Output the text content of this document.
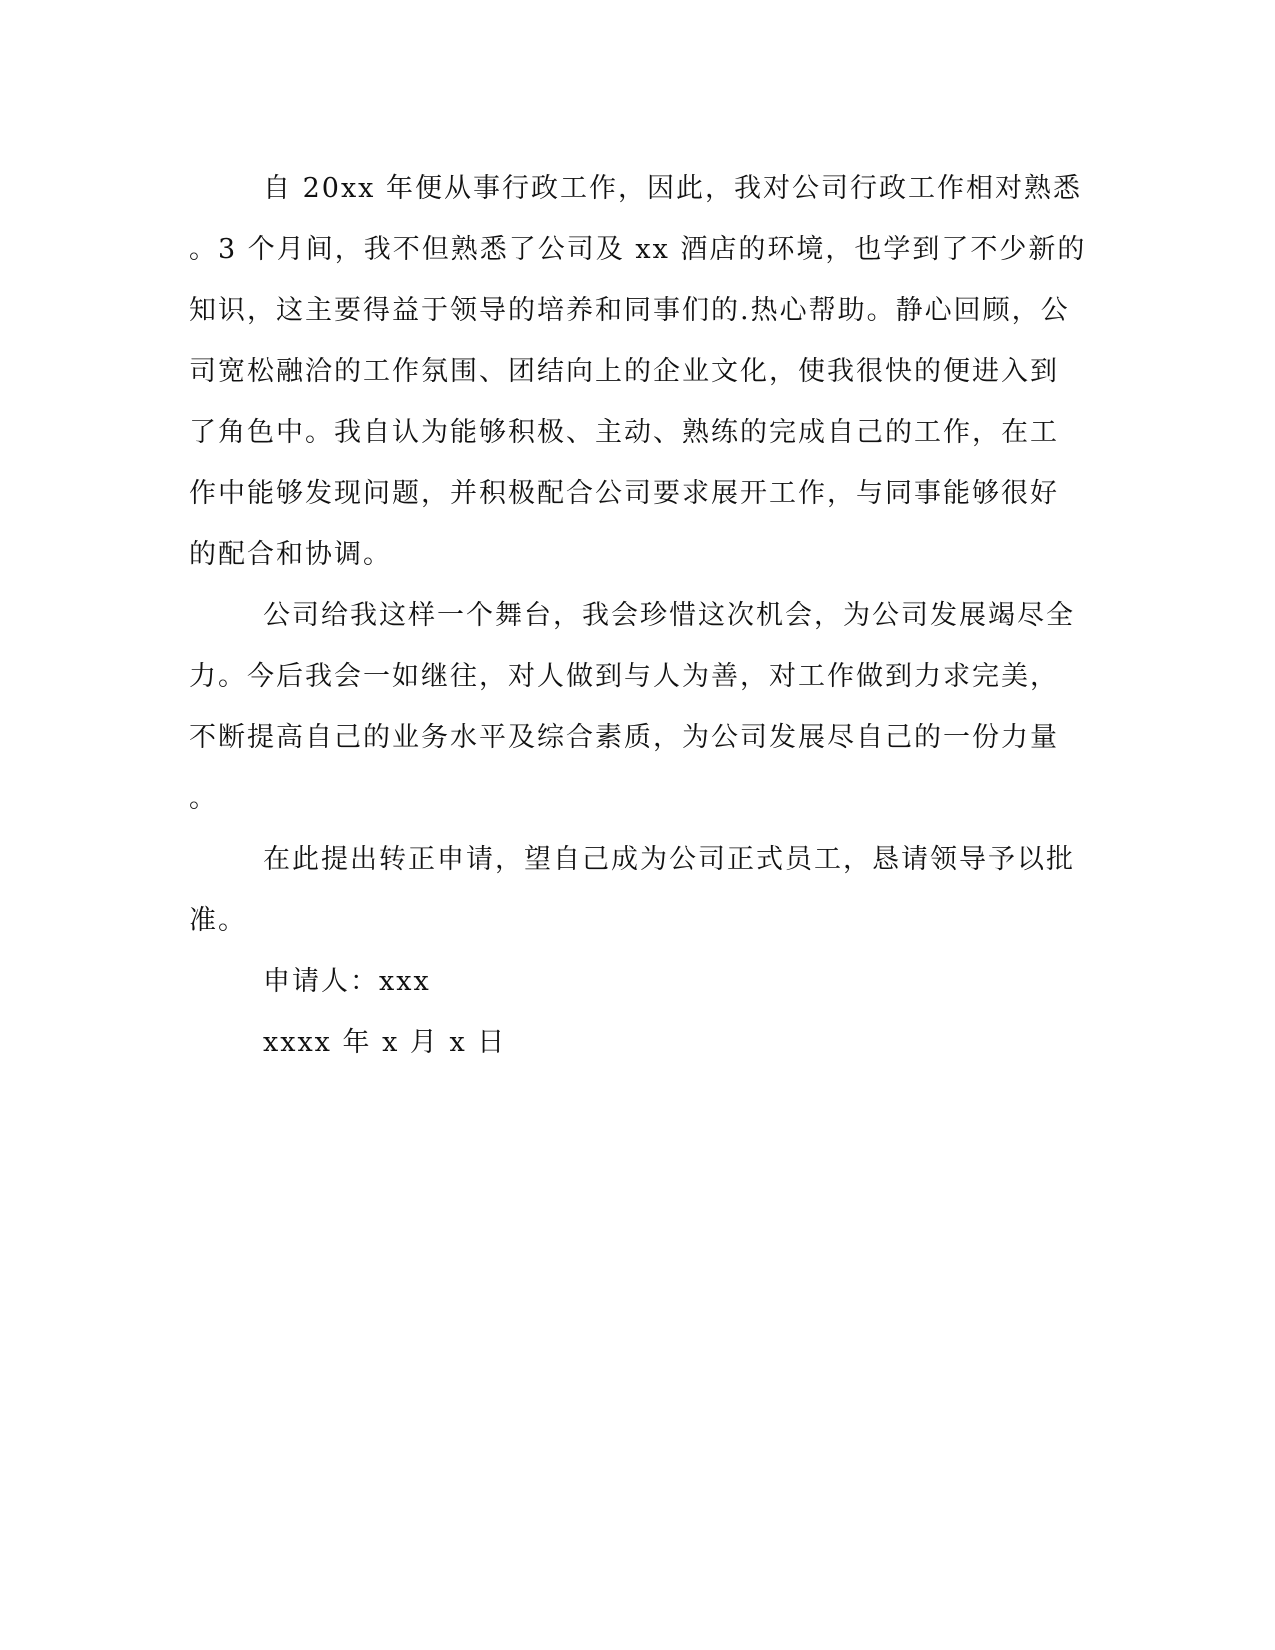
自 20xx 年便从事行政工作，因此，我对公司行政工作相对熟悉
。3 个月间，我不但熟悉了公司及 xx 酒店的环境，也学到了不少新的
知识，这主要得益于领导的培养和同事们的.热心帮助。静心回顾，公
司宽松融洽的工作氛围、团结向上的企业文化，使我很快的便进入到
了角色中。我自认为能够积极、主动、熟练的完成自己的工作，在工
作中能够发现问题，并积极配合公司要求展开工作，与同事能够很好
的配合和协调。
公司给我这样一个舞台，我会珍惜这次机会，为公司发展竭尽全
力。今后我会一如继往，对人做到与人为善，对工作做到力求完美，
不断提高自己的业务水平及综合素质，为公司发展尽自己的一份力量
。
在此提出转正申请，望自己成为公司正式员工，恳请领导予以批
准。
申请人：xxx
xxxx 年 x 月 x 日
